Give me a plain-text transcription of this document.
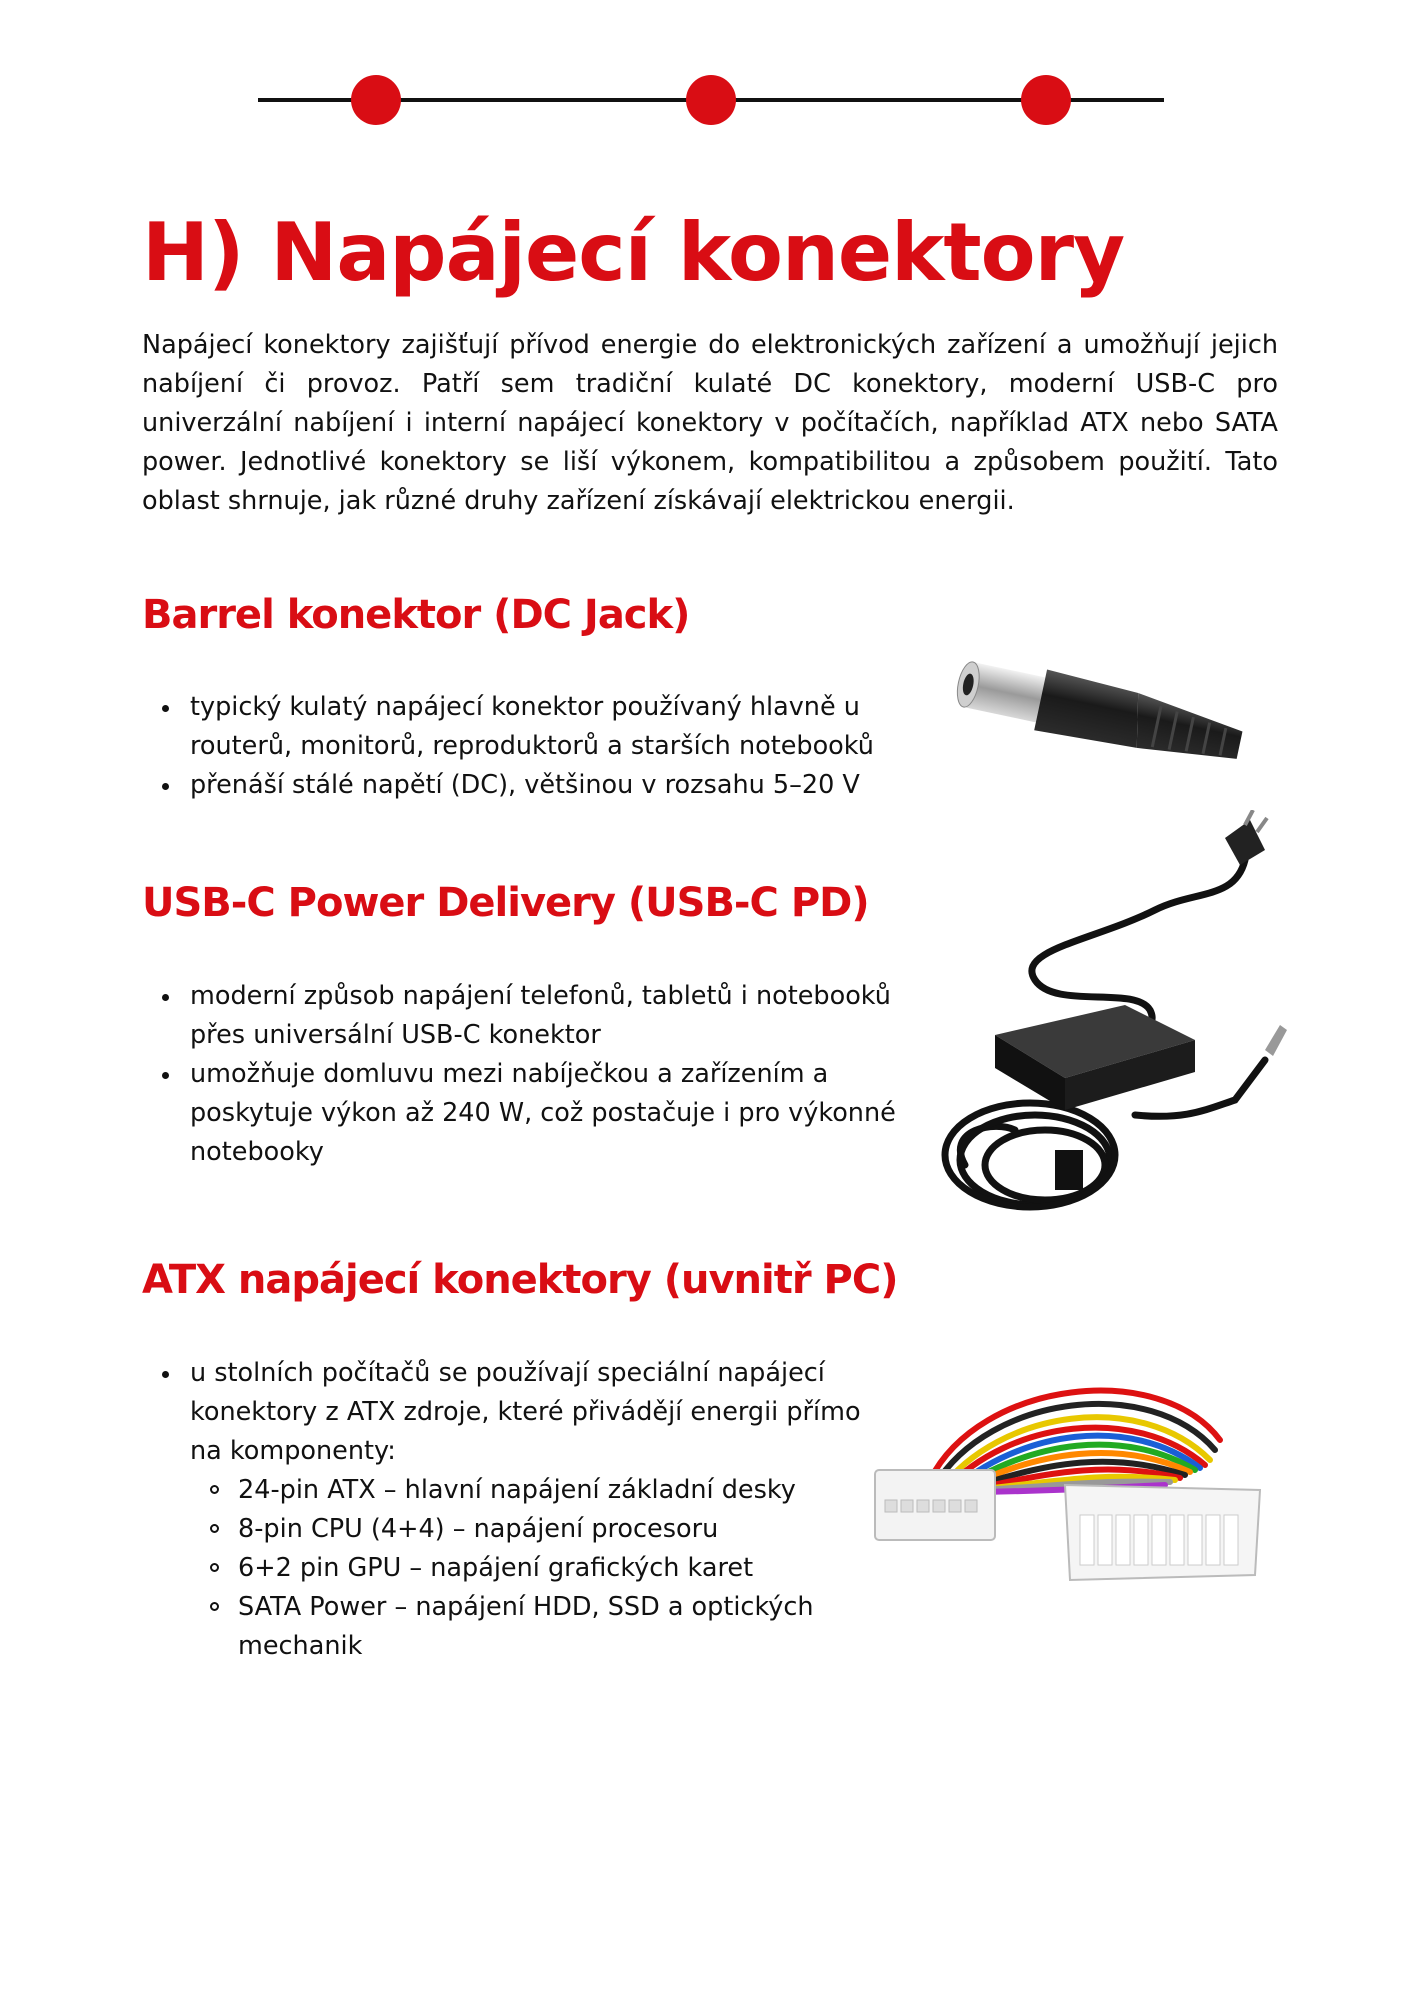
H) Napájecí konektory

Napájecí konektory zajišťují přívod energie do elektronických zařízení a umožňují jejich nabíjení či provoz. Patří sem tradiční kulaté DC konektory, moderní USB-C pro univerzální nabíjení i interní napájecí konektory v počítačích, například ATX nebo SATA power. Jednotlivé konektory se liší výkonem, kompatibilitou a způsobem použití. Tato oblast shrnuje, jak různé druhy zařízení získávají elektrickou energii.

Barrel konektor (DC Jack)
typický kulatý napájecí konektor používaný hlavně u routerů, monitorů, reproduktorů a starších notebooků
přenáší stálé napětí (DC), většinou v rozsahu 5–20 V
USB-C Power Delivery (USB-C PD)
moderní způsob napájení telefonů, tabletů i notebooků přes universální USB-C konektor
umožňuje domluvu mezi nabíječkou a zařízením a poskytuje výkon až 240 W, což postačuje i pro výkonné notebooky
ATX napájecí konektory (uvnitř PC)
u stolních počítačů se používají speciální napájecí konektory z ATX zdroje, které přivádějí energii přímo na komponenty:
24-pin ATX – hlavní napájení základní desky
8-pin CPU (4+4) – napájení procesoru
6+2 pin GPU – napájení grafických karet
SATA Power – napájení HDD, SSD a optických mechanik
